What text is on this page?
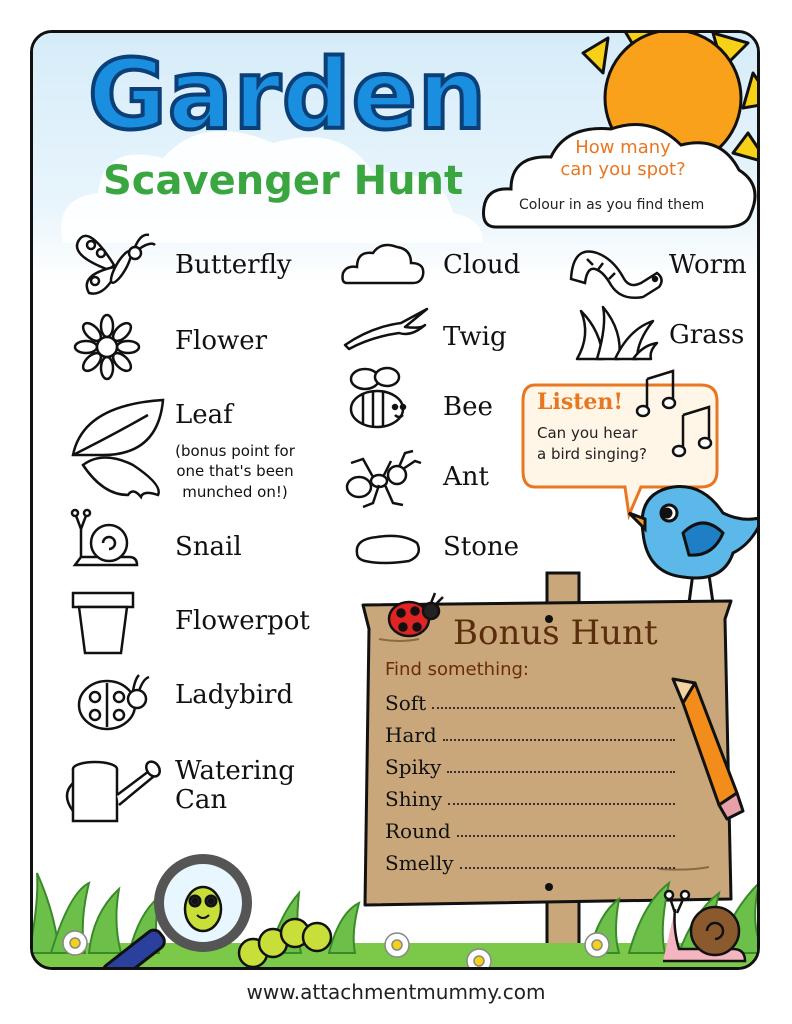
How many
can you spot?
Colour in as you find them
Garden
Scavenger Hunt
Butterfly
Flower
Leaf
(bonus point for
one that's been
munched on!)
Snail
Flowerpot
Ladybird
Watering
Can
Cloud
Twig
Bee
Ant
Stone
Worm
Grass
Listen!
Can you hear
a bird singing?
Bonus Hunt
Find something:
Soft
Hard
Spiky
Shiny
Round
Smelly
www.attachmentmummy.com
